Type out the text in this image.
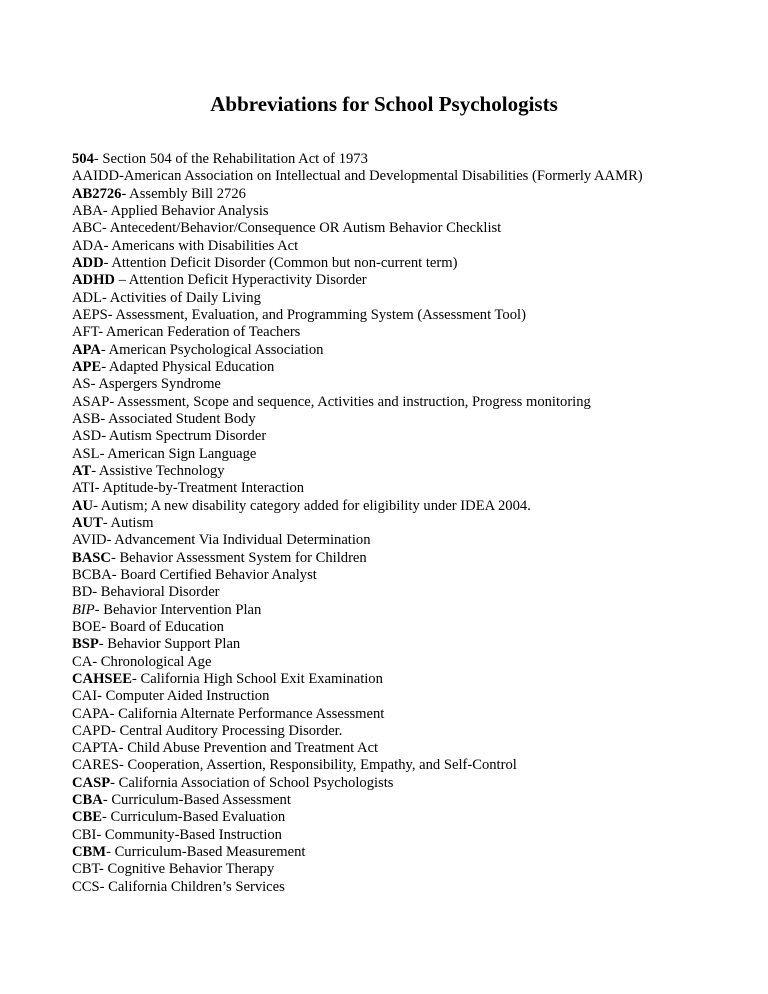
Abbreviations for School Psychologists
504- Section 504 of the Rehabilitation Act of 1973
AAIDD-American Association on Intellectual and Developmental Disabilities (Formerly AAMR)
AB2726- Assembly Bill 2726
ABA- Applied Behavior Analysis
ABC- Antecedent/Behavior/Consequence OR Autism Behavior Checklist
ADA- Americans with Disabilities Act
ADD- Attention Deficit Disorder (Common but non-current term)
ADHD – Attention Deficit Hyperactivity Disorder
ADL- Activities of Daily Living
AEPS- Assessment, Evaluation, and Programming System (Assessment Tool)
AFT- American Federation of Teachers
APA- American Psychological Association
APE- Adapted Physical Education
AS- Aspergers Syndrome
ASAP- Assessment, Scope and sequence, Activities and instruction, Progress monitoring
ASB- Associated Student Body
ASD- Autism Spectrum Disorder
ASL- American Sign Language
AT- Assistive Technology
ATI- Aptitude-by-Treatment Interaction
AU- Autism; A new disability category added for eligibility under IDEA 2004.
AUT- Autism
AVID- Advancement Via Individual Determination
BASC- Behavior Assessment System for Children
BCBA- Board Certified Behavior Analyst
BD- Behavioral Disorder
BIP- Behavior Intervention Plan
BOE- Board of Education
BSP- Behavior Support Plan
CA- Chronological Age
CAHSEE- California High School Exit Examination
CAI- Computer Aided Instruction
CAPA- California Alternate Performance Assessment
CAPD- Central Auditory Processing Disorder.
CAPTA- Child Abuse Prevention and Treatment Act
CARES- Cooperation, Assertion, Responsibility, Empathy, and Self-Control
CASP- California Association of School Psychologists
CBA- Curriculum-Based Assessment
CBE- Curriculum-Based Evaluation
CBI- Community-Based Instruction
CBM- Curriculum-Based Measurement
CBT- Cognitive Behavior Therapy
CCS- California Children’s Services
